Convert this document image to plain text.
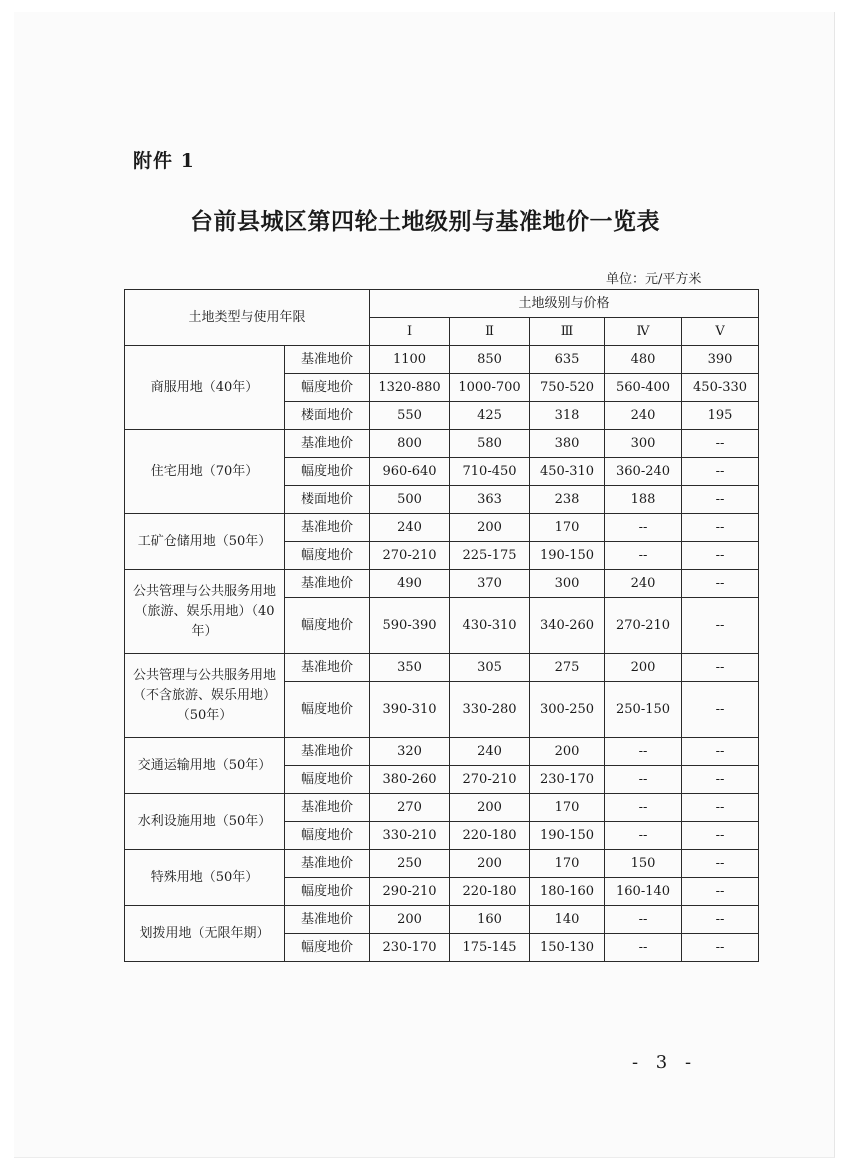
附件 1
台前县城区第四轮土地级别与基准地价一览表
单位：元/平方米
土地类型与使用年限		土地级别与价格				
		Ⅰ	Ⅱ	Ⅲ	Ⅳ	Ⅴ
商服用地（40年）	基准地价	1100	850	635	480	390
	幅度地价	1320-880	1000-700	750-520	560-400	450-330
	楼面地价	550	425	318	240	195
住宅用地（70年）	基准地价	800	580	380	300	--
	幅度地价	960-640	710-450	450-310	360-240	--
	楼面地价	500	363	238	188	--
工矿仓储用地（50年）	基准地价	240	200	170	--	--
	幅度地价	270-210	225-175	190-150	--	--
公共管理与公共服务用地（旅游、娱乐用地）（40年）	基准地价	490	370	300	240	--
	幅度地价	590-390	430-310	340-260	270-210	--
公共管理与公共服务用地（不含旅游、娱乐用地）（50年）	基准地价	350	305	275	200	--
	幅度地价	390-310	330-280	300-250	250-150	--
交通运输用地（50年）	基准地价	320	240	200	--	--
	幅度地价	380-260	270-210	230-170	--	--
水利设施用地（50年）	基准地价	270	200	170	--	--
	幅度地价	330-210	220-180	190-150	--	--
特殊用地（50年）	基准地价	250	200	170	150	--
	幅度地价	290-210	220-180	180-160	160-140	--
划拨用地（无限年期）	基准地价	200	160	140	--	--
	幅度地价	230-170	175-145	150-130	--	--
- 3 -
